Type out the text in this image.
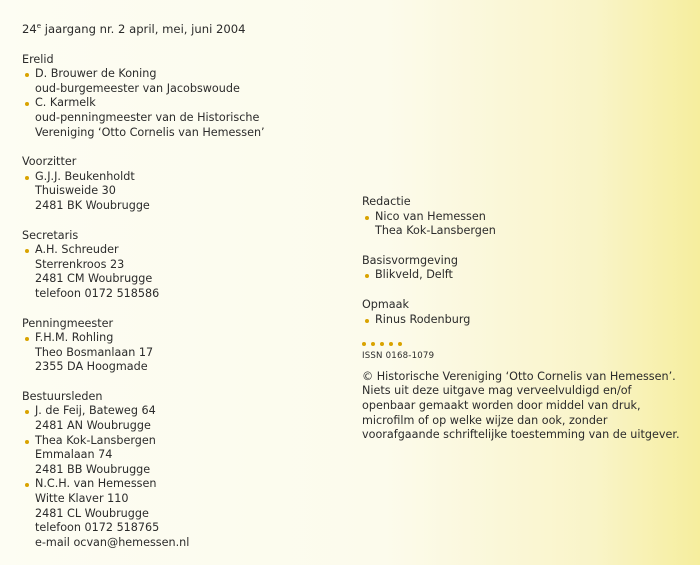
24e jaargang nr. 2 april, mei, juni 2004

Erelid

D. Brouwer de Koning
oud-burgemeester van Jacobswoude
C. Karmelk
oud-penningmeester van de Historische
Vereniging ‘Otto Cornelis van Hemessen’

Voorzitter

G.J.J. Beukenholdt
Thuisweide 30
2481 BK Woubrugge

Secretaris

A.H. Schreuder
Sterrenkroos 23
2481 CM Woubrugge
telefoon 0172 518586

Penningmeester

F.H.M. Rohling
Theo Bosmanlaan 17
2355 DA Hoogmade

Bestuursleden

J. de Feij, Bateweg 64
2481 AN Woubrugge
Thea Kok-Lansbergen
Emmalaan 74
2481 BB Woubrugge
N.C.H. van Hemessen
Witte Klaver 110
2481 CL Woubrugge
telefoon 0172 518765
e-mail ocvan@hemessen.nl

Redactie

Nico van Hemessen
Thea Kok-Lansbergen

Basisvormgeving

Blikveld, Delft

Opmaak

Rinus Rodenburg

ISSN 0168-1079

© Historische Vereniging ‘Otto Cornelis van Hemessen’.

Niets uit deze uitgave mag verveelvuldigd en/of

openbaar gemaakt worden door middel van druk,

microfilm of op welke wijze dan ook, zonder

voorafgaande schriftelijke toestemming van de uitgever.
